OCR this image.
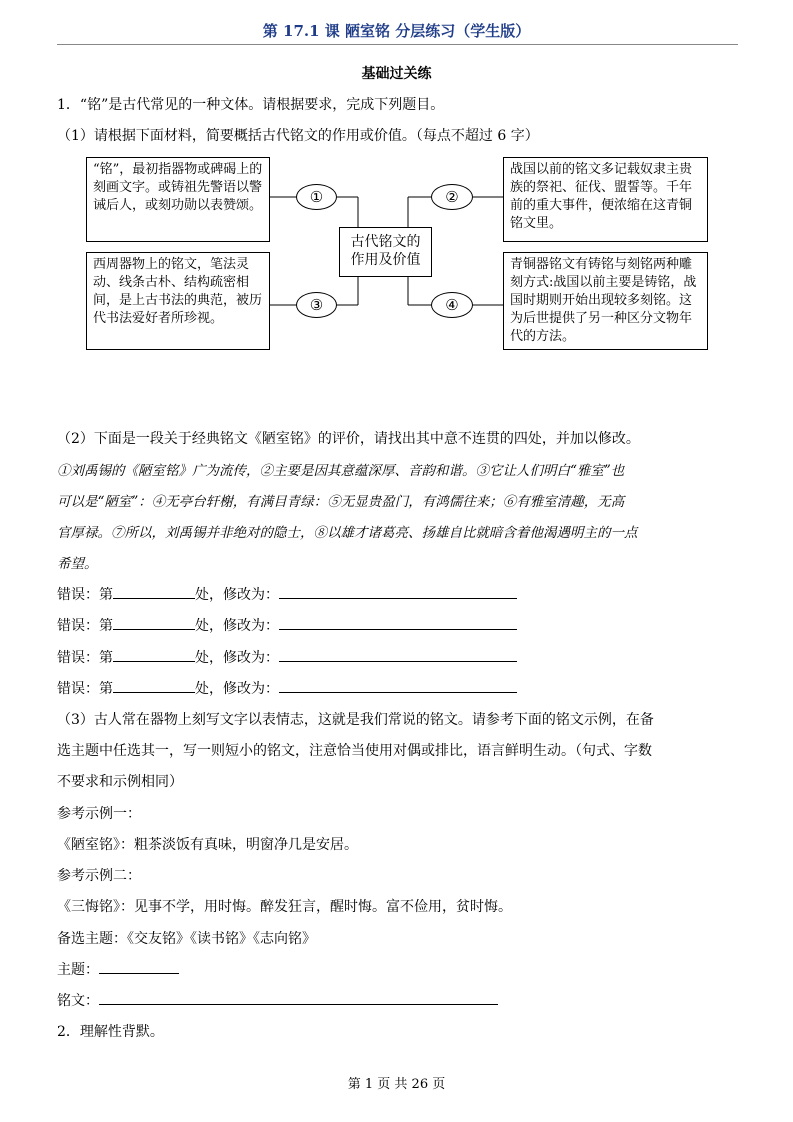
第 17.1 课 陋室铭 分层练习（学生版）
基础过关练
1．“铭”是古代常见的一种文体。请根据要求，完成下列题目。
（1）请根据下面材料，简要概括古代铭文的作用或价值。（每点不超过 6 字）
“铭”，最初指器物或碑碣上的刻画文字。或铸祖先警语以警诫后人，或刻功勋以表赞颂。
战国以前的铭文多记载奴隶主贵族的祭祀、征伐、盟誓等。千年前的重大事件，便浓缩在这青铜铭文里。
西周器物上的铭文，笔法灵动、线条古朴、结构疏密相间，是上古书法的典范，被历代书法爱好者所珍视。
青铜器铭文有铸铭与刻铭两种雕刻方式:战国以前主要是铸铭，战国时期则开始出现较多刻铭。这为后世提供了另一种区分文物年代的方法。
古代铭文的作用及价值
①	②
③	④
（2）下面是一段关于经典铭文《陋室铭》的评价，请找出其中意不连贯的四处，并加以修改。
①刘禹锡的《陋室铭》广为流传，②主要是因其意蕴深厚、音韵和谐。③它让人们明白“雅室”也
可以是“陋室”：④无亭台轩榭，有满目青绿：⑤无显贵盈门，有鸿儒往来；⑥有雅室清趣，无高
官厚禄。⑦所以，刘禹锡并非绝对的隐士，⑧以雄才诸葛亮、扬雄自比就暗含着他渴遇明主的一点
希望。
错误：第	处，修改为：
错误：第	处，修改为：
错误：第	处，修改为：
错误：第	处，修改为：
（3）古人常在器物上刻写文字以表情志，这就是我们常说的铭文。请参考下面的铭文示例，在备
选主题中任选其一，写一则短小的铭文，注意恰当使用对偶或排比，语言鲜明生动。（句式、字数
不要求和示例相同）
参考示例一：
《陋室铭》：粗茶淡饭有真味，明窗净几是安居。
参考示例二：
《三悔铭》：见事不学，用时悔。醉发狂言，醒时悔。富不俭用，贫时悔。
备选主题：《交友铭》《读书铭》《志向铭》
主题：
铭文：
2．理解性背默。
第 1 页 共 26 页
